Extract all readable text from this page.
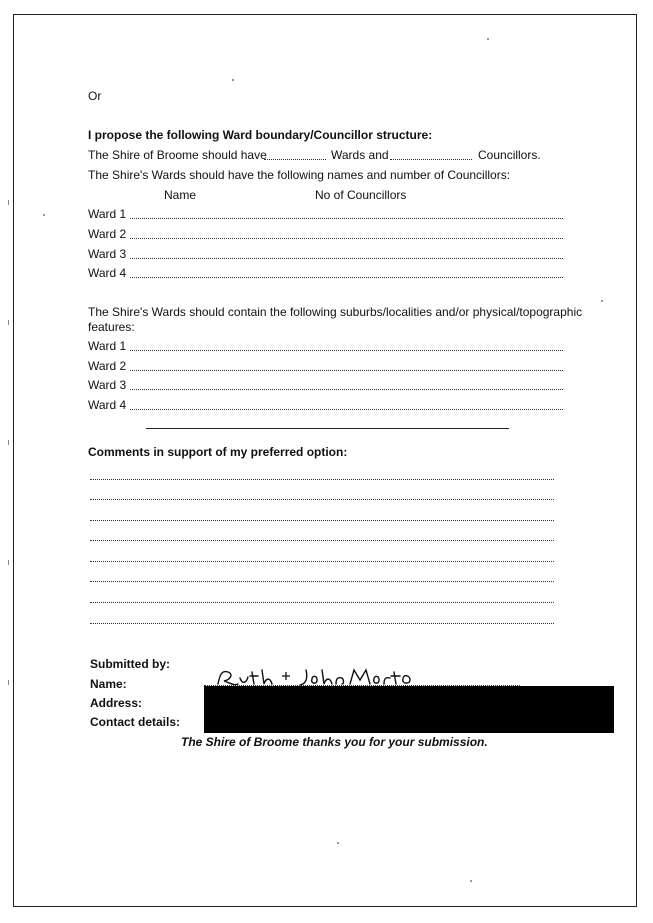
Or
I propose the following Ward boundary/Councillor structure:
The Shire of Broome should have	Wards and	Councillors.
The Shire's Wards should have the following names and number of Councillors:
Name	No of Councillors
Ward 1
Ward 2
Ward 3
Ward 4
The Shire's Wards should contain the following suburbs/localities and/or physical/topographic
features:
Ward 1
Ward 2
Ward 3
Ward 4
Comments in support of my preferred option:
Submitted by:
Name:
Address:
Contact details:
The Shire of Broome thanks you for your submission.
